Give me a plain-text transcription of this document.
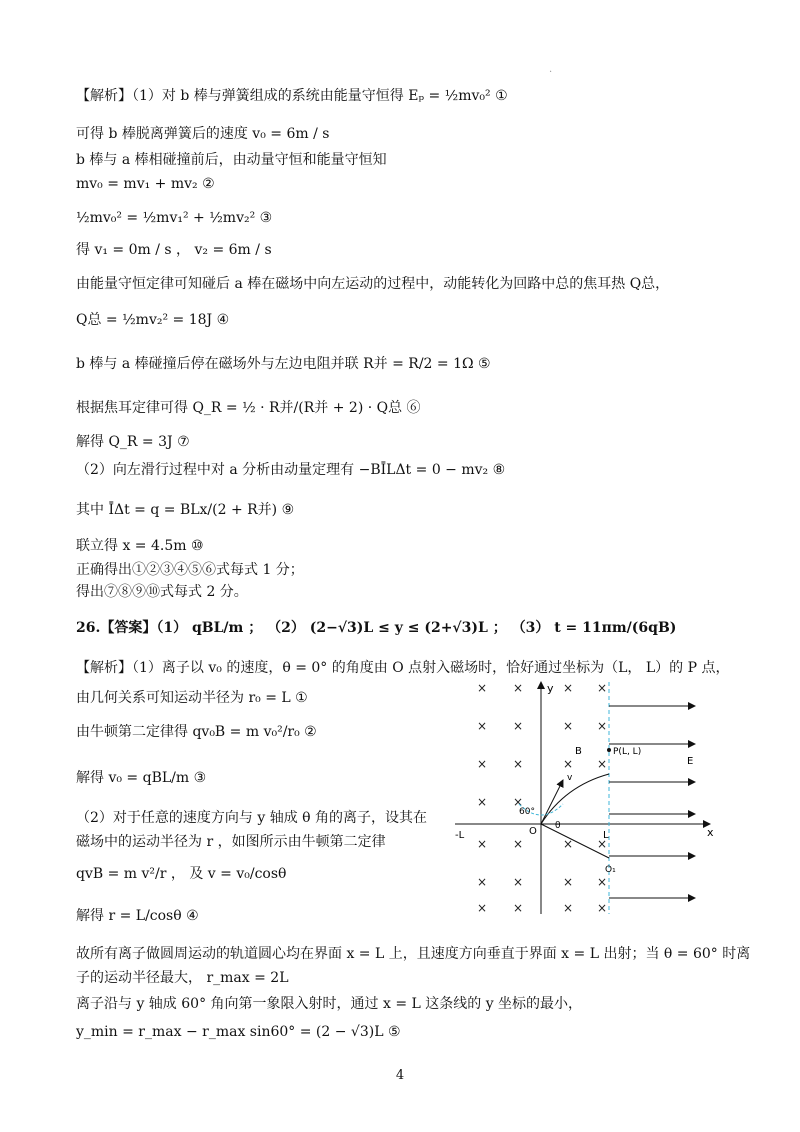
.
【解析】（1）对 b 棒与弹簧组成的系统由能量守恒得 Eₚ = ½mv₀² ①
可得 b 棒脱离弹簧后的速度 v₀ = 6m / s
b 棒与 a 棒相碰撞前后，由动量守恒和能量守恒知
mv₀ = mv₁ + mv₂ ②
½mv₀² = ½mv₁² + ½mv₂² ③
得 v₁ = 0m / s ， v₂ = 6m / s
由能量守恒定律可知碰后 a 棒在磁场中向左运动的过程中，动能转化为回路中总的焦耳热 Q总，
Q总 = ½mv₂² = 18J ④
b 棒与 a 棒碰撞后停在磁场外与左边电阻并联 R并 = R/2 = 1Ω ⑤
根据焦耳定律可得 Q_R = ½ · R并/(R并 + 2) · Q总 ⑥
解得 Q_R = 3J ⑦
（2）向左滑行过程中对 a 分析由动量定理有 −BĪLΔt = 0 − mv₂ ⑧
其中 ĪΔt = q = BLx/(2 + R并) ⑨
联立得 x = 4.5m ⑩
正确得出①②③④⑤⑥式每式 1 分；
得出⑦⑧⑨⑩式每式 2 分。
26.【答案】（1） qBL/m ； （2） (2−√3)L ≤ y ≤ (2+√3)L ； （3） t = 11πm/(6qB)
【解析】（1）离子以 v₀ 的速度，θ = 0° 的角度由 O 点射入磁场时，恰好通过坐标为（L， L）的 P 点，
由几何关系可知运动半径为 r₀ = L ①
由牛顿第二定律得 qv₀B = m v₀²/r₀ ②
解得 v₀ = qBL/m ③
（2）对于任意的速度方向与 y 轴成 θ 角的离子，设其在
磁场中的运动半径为 r ，如图所示由牛顿第二定律
qvB = m v²/r ， 及 v = v₀/cosθ
解得 r = L/cosθ ④
故所有离子做圆周运动的轨道圆心均在界面 x = L 上，且速度方向垂直于界面 x = L 出射；当 θ = 60° 时离
子的运动半径最大， r_max = 2L
离子沿与 y 轴成 60° 角向第一象限入射时，通过 x = L 这条线的 y 坐标的最小，
y_min = r_max − r_max sin60° = (2 − √3)L ⑤
× ×	× ×
× ×	× ×
× ×	× ×
× ×
× ×	× ×
× ×	× ×
× ×	× ×
y
x
B	P(L, L)
E
O	L
-L
O₁
v
θ
60°
4
